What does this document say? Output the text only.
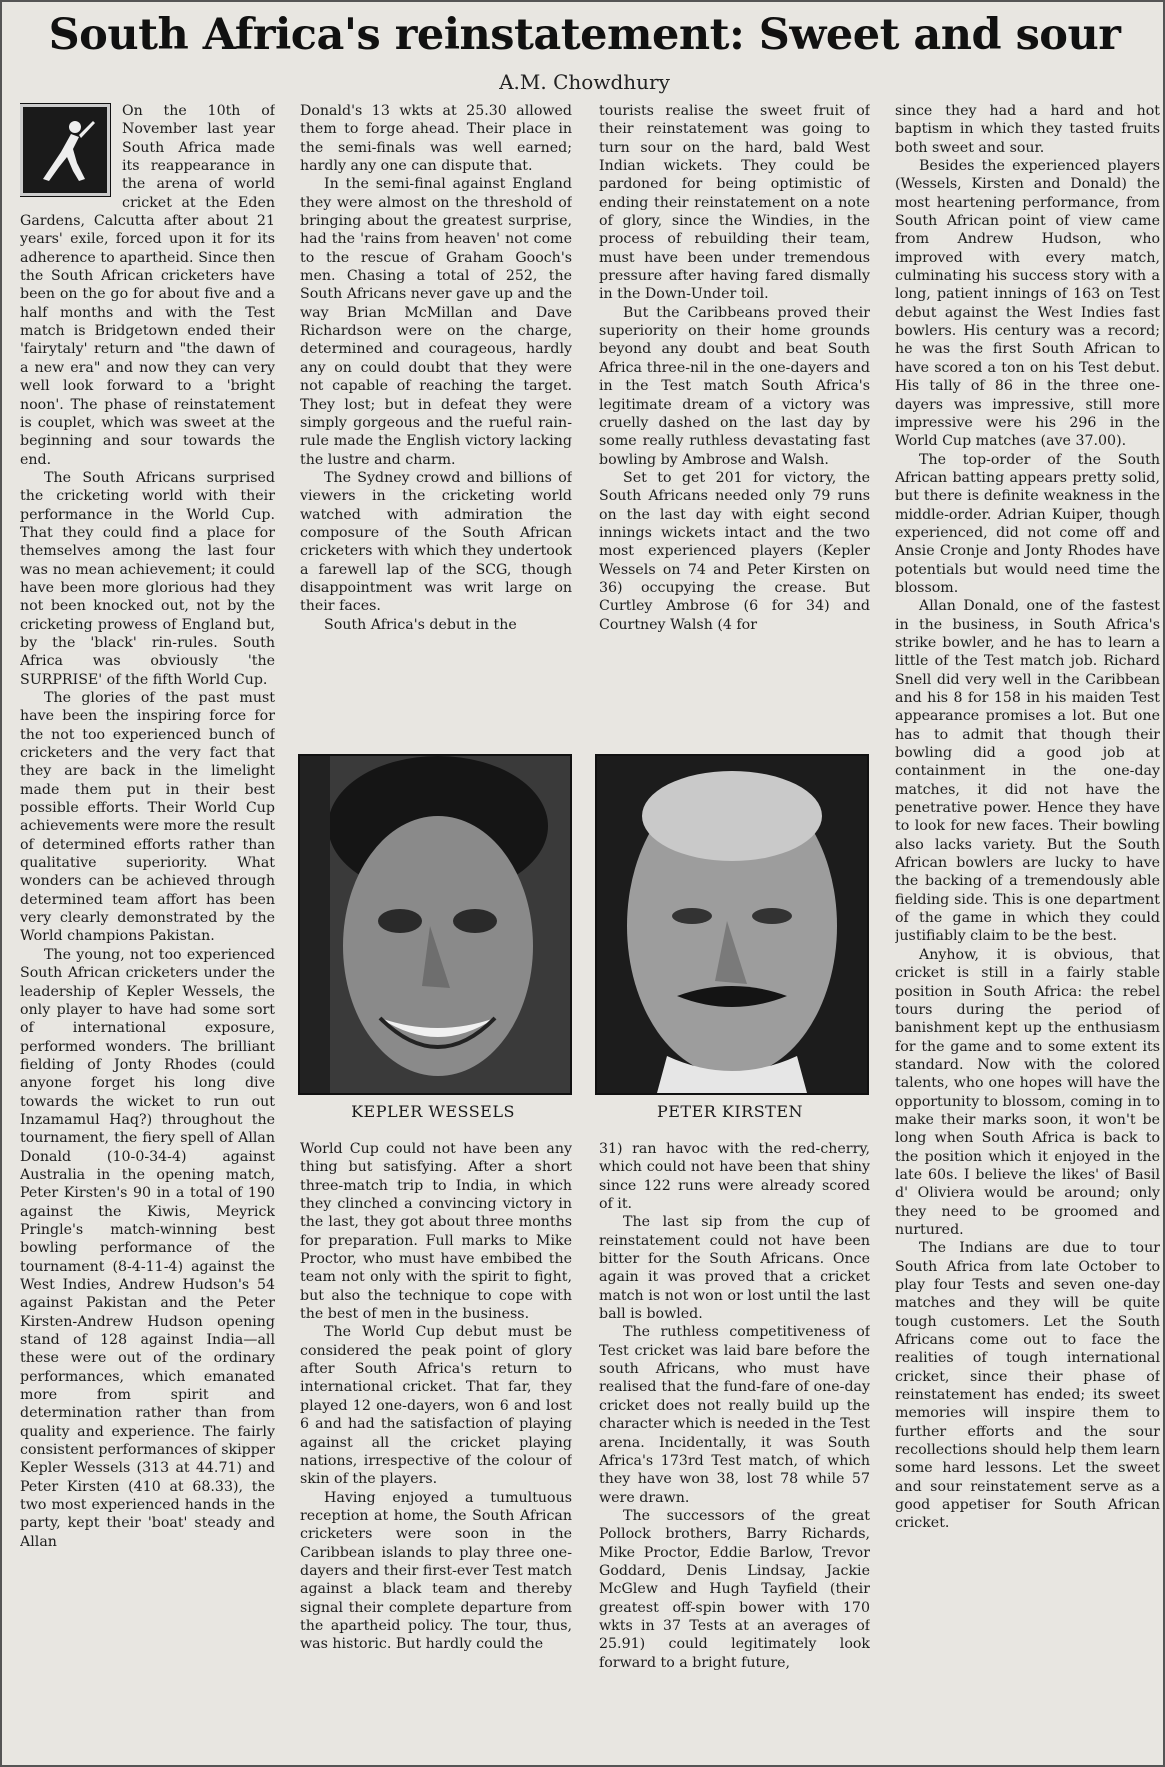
South Africa's reinstatement: Sweet and sour
A.M. Chowdhury

On the 10th of November last year South Africa made its reappearance in the arena of world cricket at the Eden Gardens, Calcutta after about 21 years' exile, forced upon it for its adherence to apartheid. Since then the South African cricketers have been on the go for about five and a half months and with the Test match is Bridgetown ended their 'fairytaly' return and "the dawn of a new era" and now they can very well look forward to a 'bright noon'. The phase of reinstatement is couplet, which was sweet at the beginning and sour towards the end.

The South Africans surprised the cricketing world with their performance in the World Cup. That they could find a place for themselves among the last four was no mean achievement; it could have been more glorious had they not been knocked out, not by the cricketing prowess of England but, by the 'black' rin-rules. South Africa was obviously 'the SURPRISE' of the fifth World Cup.

The glories of the past must have been the inspiring force for the not too experienced bunch of cricketers and the very fact that they are back in the limelight made them put in their best possible efforts. Their World Cup achievements were more the result of determined efforts rather than qualitative superiority. What wonders can be achieved through determined team affort has been very clearly demonstrated by the World champions Pakistan.

The young, not too experienced South African cricketers under the leadership of Kepler Wessels, the only player to have had some sort of international exposure, performed wonders. The brilliant fielding of Jonty Rhodes (could anyone forget his long dive towards the wicket to run out Inzamamul Haq?) throughout the tournament, the fiery spell of Allan Donald (10-0-34-4) against Australia in the opening match, Peter Kirsten's 90 in a total of 190 against the Kiwis, Meyrick Pringle's match-winning best bowling performance of the tournament (8-4-11-4) against the West Indies, Andrew Hudson's 54 against Pakistan and the Peter Kirsten-Andrew Hudson opening stand of 128 against India—all these were out of the ordinary performances, which emanated more from spirit and determination rather than from quality and experience. The fairly consistent performances of skipper Kepler Wessels (313 at 44.71) and Peter Kirsten (410 at 68.33), the two most experienced hands in the party, kept their 'boat' steady and Allan

Donald's 13 wkts at 25.30 allowed them to forge ahead. Their place in the semi-finals was well earned; hardly any one can dispute that.

In the semi-final against England they were almost on the threshold of bringing about the greatest surprise, had the 'rains from heaven' not come to the rescue of Graham Gooch's men. Chasing a total of 252, the South Africans never gave up and the way Brian McMillan and Dave Richardson were on the charge, determined and courageous, hardly any on could doubt that they were not capable of reaching the target. They lost; but in defeat they were simply gorgeous and the rueful rain-rule made the English victory lacking the lustre and charm.

The Sydney crowd and billions of viewers in the cricketing world watched with admiration the composure of the South African cricketers with which they undertook a farewell lap of the SCG, though disappointment was writ large on their faces.

South Africa's debut in the

tourists realise the sweet fruit of their reinstatement was going to turn sour on the hard, bald West Indian wickets. They could be pardoned for being optimistic of ending their reinstatement on a note of glory, since the Windies, in the process of rebuilding their team, must have been under tremendous pressure after having fared dismally in the Down-Under toil.

But the Caribbeans proved their superiority on their home grounds beyond any doubt and beat South Africa three-nil in the one-dayers and in the Test match South Africa's legitimate dream of a victory was cruelly dashed on the last day by some really ruthless devastating fast bowling by Ambrose and Walsh.

Set to get 201 for victory, the South Africans needed only 79 runs on the last day with eight second innings wickets intact and the two most experienced players (Kepler Wessels on 74 and Peter Kirsten on 36) occupying the crease. But Curtley Ambrose (6 for 34) and Courtney Walsh (4 for

since they had a hard and hot baptism in which they tasted fruits both sweet and sour.

Besides the experienced players (Wessels, Kirsten and Donald) the most heartening performance, from South African point of view came from Andrew Hudson, who improved with every match, culminating his success story with a long, patient innings of 163 on Test debut against the West Indies fast bowlers. His century was a record; he was the first South African to have scored a ton on his Test debut. His tally of 86 in the three one-dayers was impressive, still more impressive were his 296 in the World Cup matches (ave 37.00).

The top-order of the South African batting appears pretty solid, but there is definite weakness in the middle-order. Adrian Kuiper, though experienced, did not come off and Ansie Cronje and Jonty Rhodes have potentials but would need time the blossom.

Allan Donald, one of the fastest in the business, in South Africa's strike bowler, and he has to learn a little of the Test match job. Richard Snell did very well in the Caribbean and his 8 for 158 in his maiden Test appearance promises a lot. But one has to admit that though their bowling did a good job at containment in the one-day matches, it did not have the penetrative power. Hence they have to look for new faces. Their bowling also lacks variety. But the South African bowlers are lucky to have the backing of a tremendously able fielding side. This is one department of the game in which they could justifiably claim to be the best.

Anyhow, it is obvious, that cricket is still in a fairly stable position in South Africa: the rebel tours during the period of banishment kept up the enthusiasm for the game and to some extent its standard. Now with the colored talents, who one hopes will have the opportunity to blossom, coming in to make their marks soon, it won't be long when South Africa is back to the position which it enjoyed in the late 60s. I believe the likes' of Basil d' Oliviera would be around; only they need to be groomed and nurtured.

The Indians are due to tour South Africa from late October to play four Tests and seven one-day matches and they will be quite tough customers. Let the South Africans come out to face the realities of tough international cricket, since their phase of reinstatement has ended; its sweet memories will inspire them to further efforts and the sour recollections should help them learn some hard lessons. Let the sweet and sour reinstatement serve as a good appetiser for South African cricket.

KEPLER WESSELS	PETER KIRSTEN

World Cup could not have been any thing but satisfying. After a short three-match trip to India, in which they clinched a convincing victory in the last, they got about three months for preparation. Full marks to Mike Proctor, who must have embibed the team not only with the spirit to fight, but also the technique to cope with the best of men in the business.

The World Cup debut must be considered the peak point of glory after South Africa's return to international cricket. That far, they played 12 one-dayers, won 6 and lost 6 and had the satisfaction of playing against all the cricket playing nations, irrespective of the colour of skin of the players.

Having enjoyed a tumultuous reception at home, the South African cricketers were soon in the Caribbean islands to play three one-dayers and their first-ever Test match against a black team and thereby signal their complete departure from the apartheid policy. The tour, thus, was historic. But hardly could the

31) ran havoc with the red-cherry, which could not have been that shiny since 122 runs were already scored of it.

The last sip from the cup of reinstatement could not have been bitter for the South Africans. Once again it was proved that a cricket match is not won or lost until the last ball is bowled.

The ruthless competitiveness of Test cricket was laid bare before the south Africans, who must have realised that the fund-fare of one-day cricket does not really build up the character which is needed in the Test arena. Incidentally, it was South Africa's 173rd Test match, of which they have won 38, lost 78 while 57 were drawn.

The successors of the great Pollock brothers, Barry Richards, Mike Proctor, Eddie Barlow, Trevor Goddard, Denis Lindsay, Jackie McGlew and Hugh Tayfield (their greatest off-spin bower with 170 wkts in 37 Tests at an averages of 25.91) could legitimately look forward to a bright future,
